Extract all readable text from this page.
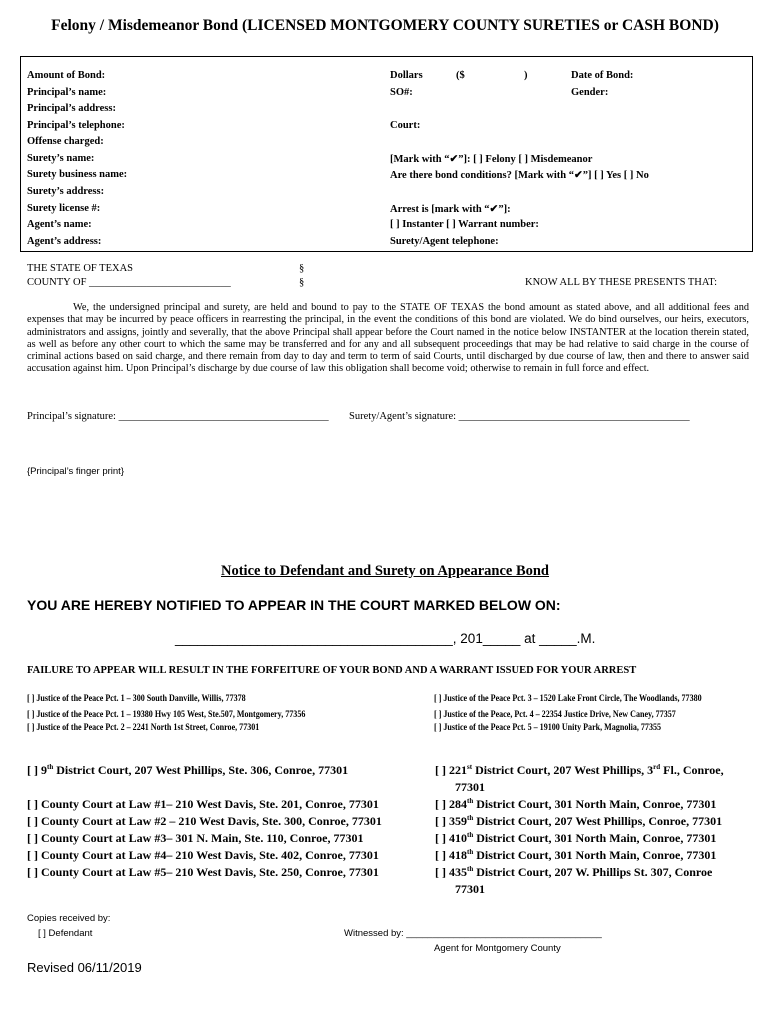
Felony / Misdemeanor Bond (LICENSED MONTGOMERY COUNTY SURETIES or CASH BOND)
Amount of Bond:	Dollars	($	)	Date of Bond:
Principal’s name:	SO#:	Gender:
Principal’s address:
Principal’s telephone:	Court:
Offense charged:
Surety’s name:	[Mark with “✔”]: [ ] Felony [ ] Misdemeanor
Surety business name:	Are there bond conditions? [Mark with “✔”] [ ] Yes [ ] No
Surety’s address:
Surety license #:	Arrest is [mark with “✔”]:
Agent’s name:	[ ] Instanter [ ] Warrant number:
Agent’s address:	Surety/Agent telephone:
THE STATE OF TEXAS
COUNTY OF ___________________________
§
§	KNOW ALL BY THESE PRESENTS THAT:
We, the undersigned principal and surety, are held and bound to pay to the STATE OF TEXAS the bond amount as stated above, and all additional fees and expenses that may be incurred by peace officers in rearresting the principal, in the event the conditions of this bond are violated. We do bind ourselves, our heirs, executors, administrators and assigns, jointly and severally, that the above Principal shall appear before the Court named in the notice below INSTANTER at the location therein stated, as well as before any other court to which the same may be transferred and for any and all subsequent proceedings that may be had relative to said charge in the course of criminal actions based on said charge, and there remain from day to day and term to term of said Courts, until discharged by due course of law, then and there to answer said accusation against him. Upon Principal’s discharge by due course of law this obligation shall become void; otherwise to remain in full force and effect.
Principal’s signature: ________________________________________ Surety/Agent’s signature: ____________________________________________
{Principal’s finger print}
Notice to Defendant and Surety on Appearance Bond
YOU ARE HEREBY NOTIFIED TO APPEAR IN THE COURT MARKED BELOW ON:
_____________________________________, 201_____ at _____.M.
FAILURE TO APPEAR WILL RESULT IN THE FORFEITURE OF YOUR BOND AND A WARRANT ISSUED FOR YOUR ARREST
[ ] Justice of the Peace Pct. 1 – 300 South Danville, Willis, 77378
[ ] Justice of the Peace Pct. 1 – 19380 Hwy 105 West, Ste.507, Montgomery, 77356
[ ] Justice of the Peace Pct. 2 – 2241 North 1st Street, Conroe, 77301
[ ] Justice of the Peace Pct. 3 – 1520 Lake Front Circle, The Woodlands, 77380
[ ] Justice of the Peace, Pct. 4 – 22354 Justice Drive, New Caney, 77357
[ ] Justice of the Peace Pct. 5 – 19100 Unity Park, Magnolia, 77355
[ ] 9th District Court, 207 West Phillips, Ste. 306, Conroe, 77301
[ ] County Court at Law #1– 210 West Davis, Ste. 201, Conroe, 77301
[ ] County Court at Law #2 – 210 West Davis, Ste. 300, Conroe, 77301
[ ] County Court at Law #3– 301 N. Main, Ste. 110, Conroe, 77301
[ ] County Court at Law #4– 210 West Davis, Ste. 402, Conroe, 77301
[ ] County Court at Law #5– 210 West Davis, Ste. 250, Conroe, 77301
[ ] 221st District Court, 207 West Phillips, 3rd Fl., Conroe,
77301
[ ] 284th District Court, 301 North Main, Conroe, 77301
[ ] 359th District Court, 207 West Phillips, Conroe, 77301
[ ] 410th District Court, 301 North Main, Conroe, 77301
[ ] 418th District Court, 301 North Main, Conroe, 77301
[ ] 435th District Court, 207 W. Phillips St. 307, Conroe
77301
Copies received by:
[ ] Defendant	Witnessed by: _____________________________________
Agent for Montgomery County
Revised 06/11/2019
